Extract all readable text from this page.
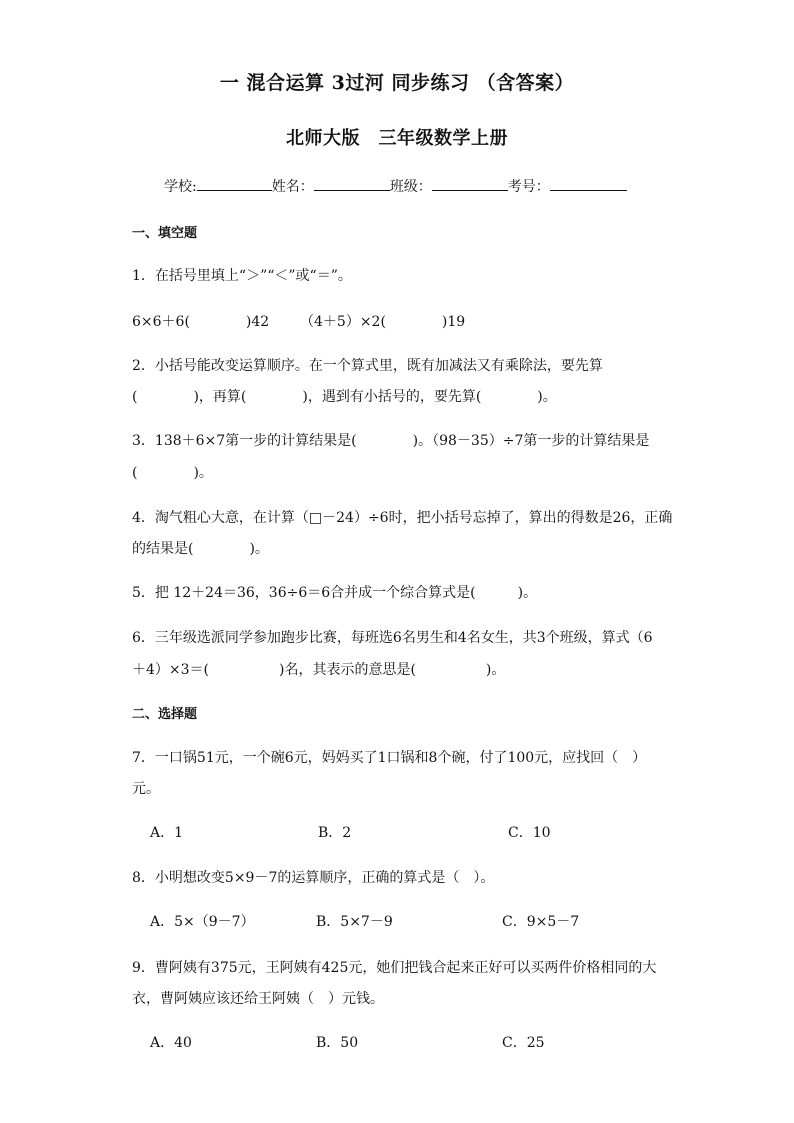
一 混合运算 3过河 同步练习 （含答案）
北师大版　三年级数学上册
学校:	姓名：	班级：	考号：
一、填空题
1．在括号里填上“＞”“＜”或“＝”。
6×6＋6(　　　　)42 （4＋5）×2(　　　　)19
2．小括号能改变运算顺序。在一个算式里，既有加减法又有乘除法，要先算
(　　　　)，再算(　　　　)，遇到有小括号的，要先算(　　　　)。
3．138＋6×7第一步的计算结果是(　　　　)。（98－35）÷7第一步的计算结果是
(　　　　)。
4．淘气粗心大意，在计算（□－24）÷6时，把小括号忘掉了，算出的得数是26，正确
的结果是(　　　　)。
5．把 12＋24＝36，36÷6＝6合并成一个综合算式是(　　　)。
6．三年级选派同学参加跑步比赛，每班选6名男生和4名女生，共3个班级，算式（6
＋4）×3＝(　　　　　)名，其表示的意思是(　　　　　)。
二、选择题
7．一口锅51元，一个碗6元，妈妈买了1口锅和8个碗，付了100元，应找回（　）
元。
A．1	B．2	C．10
8．小明想改变5×9－7的运算顺序，正确的算式是（　）。
A．5×（9－7）	B．5×7－9	C．9×5－7
9．曹阿姨有375元，王阿姨有425元，她们把钱合起来正好可以买两件价格相同的大
衣，曹阿姨应该还给王阿姨（　）元钱。
A．40	B．50	C．25
